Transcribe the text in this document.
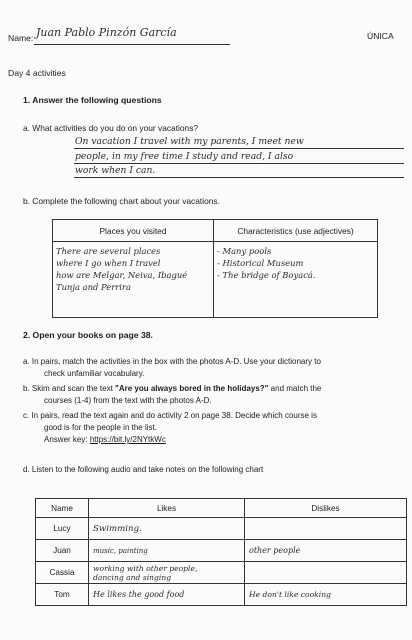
Name: Juan Pablo Pinzón García	ÚNICA
Day 4 activities
1. Answer the following questions
a. What activities do you do on your vacations?
On vacation I travel with my parents, I meet new
people, in my free time I study and read, I also
work when I can.
b. Complete the following chart about your vacations.
Places you visited	Characteristics (use adjectives)

There are several places
where I go when I travel
how are Melgar, Neiva, Ibagué
Tunja and Perrira	- Many pools
- Historical Museum
- The bridge of Boyacá.
2. Open your books on page 38.
a. In pairs, match the activities in the box with the photos A-D. Use your dictionary to
check unfamiliar vocabulary.
b. Skim and scan the text "Are you always bored in the holidays?" and match the
courses (1-4) from the text with the photos A-D.
c. In pairs, read the text again and do activity 2 on page 38. Decide which course is
good is for the people in the list.
Answer key: https://bit.ly/2NYtkWc
d. Listen to the following audio and take notes on the following chart
Name	Likes	Dislikes
Lucy	Swimming.	
Juan	music, painting	other people
Cassia	working with other people,
dancing and singing	

Tom	He likes the good food	He don't like cooking
